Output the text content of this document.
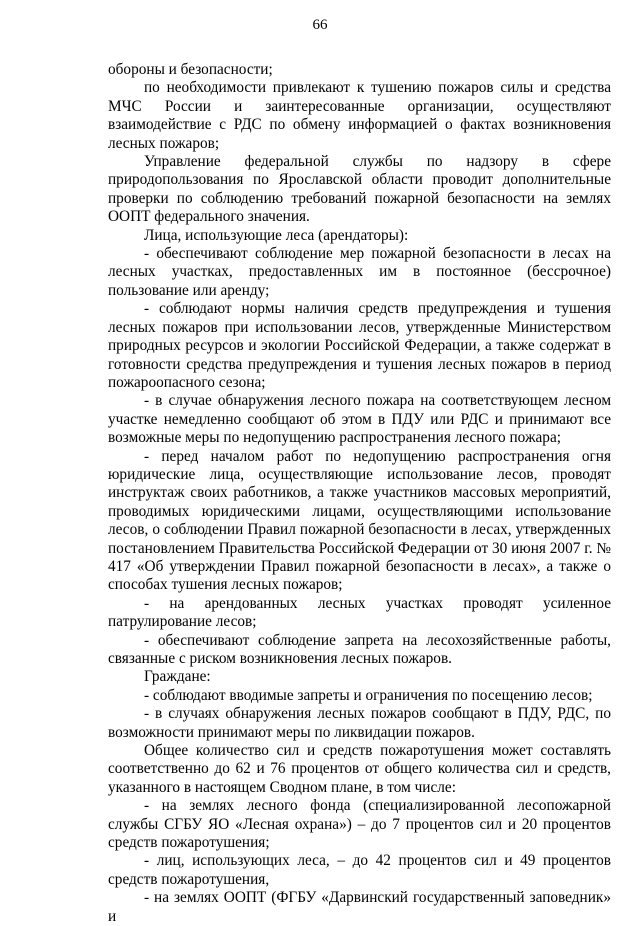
66

обороны и безопасности;

по необходимости привлекают к тушению пожаров силы и средства МЧС России и заинтересованные организации, осуществляют взаимодействие с РДС по обмену информацией о фактах возникновения лесных пожаров;

Управление федеральной службы по надзору в сфере природопользования по Ярославской области проводит дополнительные проверки по соблюдению требований пожарной безопасности на землях ООПТ федерального значения.

Лица, использующие леса (арендаторы):

- обеспечивают соблюдение мер пожарной безопасности в лесах на лесных участках, предоставленных им в постоянное (бессрочное) пользование или аренду;

- соблюдают нормы наличия средств предупреждения и тушения лесных пожаров при использовании лесов, утвержденные Министерством природных ресурсов и экологии Российской Федерации, а также содержат в готовности средства предупреждения и тушения лесных пожаров в период пожароопасного сезона;

- в случае обнаружения лесного пожара на соответствующем лесном участке немедленно сообщают об этом в ПДУ или РДС и принимают все возможные меры по недопущению распространения лесного пожара;

- перед началом работ по недопущению распространения огня юридические лица, осуществляющие использование лесов, проводят инструктаж своих работников, а также участников массовых мероприятий, проводимых юридическими лицами, осуществляющими использование лесов, о соблюдении Правил пожарной безопасности в лесах, утвержденных постановлением Правительства Российской Федерации от 30 июня 2007 г. № 417 «Об утверждении Правил пожарной безопасности в лесах», а также о способах тушения лесных пожаров;

- на арендованных лесных участках проводят усиленное патрулирование лесов;

- обеспечивают соблюдение запрета на лесохозяйственные работы, связанные с риском возникновения лесных пожаров.

Граждане:

- соблюдают вводимые запреты и ограничения по посещению лесов;

- в случаях обнаружения лесных пожаров сообщают в ПДУ, РДС, по возможности принимают меры по ликвидации пожаров.

Общее количество сил и средств пожаротушения может составлять соответственно до 62 и 76 процентов от общего количества сил и средств, указанного в настоящем Сводном плане, в том числе:

- на землях лесного фонда (специализированной лесопожарной службы СГБУ ЯО «Лесная охрана») – до 7 процентов сил и 20 процентов средств пожаротушения;

- лиц, использующих леса, – до 42 процентов сил и 49 процентов средств пожаротушения,

- на землях ООПТ (ФГБУ «Дарвинский государственный заповедник» и
